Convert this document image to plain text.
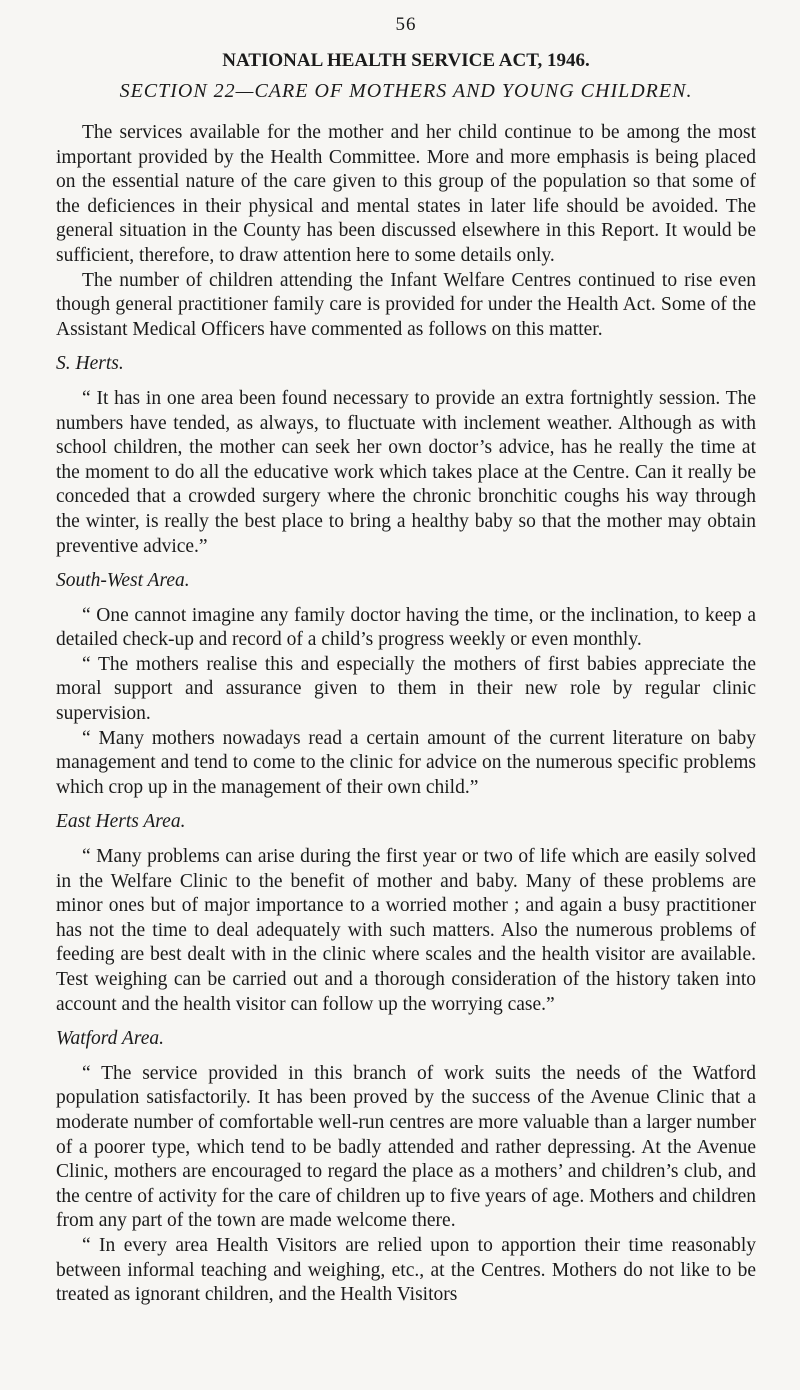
56
NATIONAL HEALTH SERVICE ACT, 1946.
SECTION 22—CARE OF MOTHERS AND YOUNG CHILDREN.

The services available for the mother and her child continue to be among the most important provided by the Health Committee. More and more emphasis is being placed on the essential nature of the care given to this group of the population so that some of the deficiences in their physical and mental states in later life should be avoided. The general situation in the County has been discussed elsewhere in this Report. It would be sufficient, therefore, to draw attention here to some details only.

The number of children attending the Infant Welfare Centres continued to rise even though general practitioner family care is provided for under the Health Act. Some of the Assistant Medical Officers have commented as follows on this matter.

S. Herts.

“ It has in one area been found necessary to provide an extra fortnightly session. The numbers have tended, as always, to fluctuate with inclement weather. Although as with school children, the mother can seek her own doctor’s advice, has he really the time at the moment to do all the educative work which takes place at the Centre. Can it really be conceded that a crowded surgery where the chronic bronchitic coughs his way through the winter, is really the best place to bring a healthy baby so that the mother may obtain preventive advice.”

South-West Area.

“ One cannot imagine any family doctor having the time, or the inclination, to keep a detailed check-up and record of a child’s progress weekly or even monthly.

“ The mothers realise this and especially the mothers of first babies appreciate the moral support and assurance given to them in their new role by regular clinic supervision.

“ Many mothers nowadays read a certain amount of the current literature on baby management and tend to come to the clinic for advice on the numerous specific problems which crop up in the management of their own child.”

East Herts Area.

“ Many problems can arise during the first year or two of life which are easily solved in the Welfare Clinic to the benefit of mother and baby. Many of these problems are minor ones but of major importance to a worried mother ; and again a busy practitioner has not the time to deal adequately with such matters. Also the numerous problems of feeding are best dealt with in the clinic where scales and the health visitor are available. Test weighing can be carried out and a thorough consideration of the history taken into account and the health visitor can follow up the worrying case.”

Watford Area.

“ The service provided in this branch of work suits the needs of the Watford population satisfactorily. It has been proved by the success of the Avenue Clinic that a moderate number of comfortable well-run centres are more valuable than a larger number of a poorer type, which tend to be badly attended and rather depressing. At the Avenue Clinic, mothers are encouraged to regard the place as a mothers’ and children’s club, and the centre of activity for the care of children up to five years of age. Mothers and children from any part of the town are made welcome there.

“ In every area Health Visitors are relied upon to apportion their time reasonably between informal teaching and weighing, etc., at the Centres. Mothers do not like to be treated as ignorant children, and the Health Visitors
